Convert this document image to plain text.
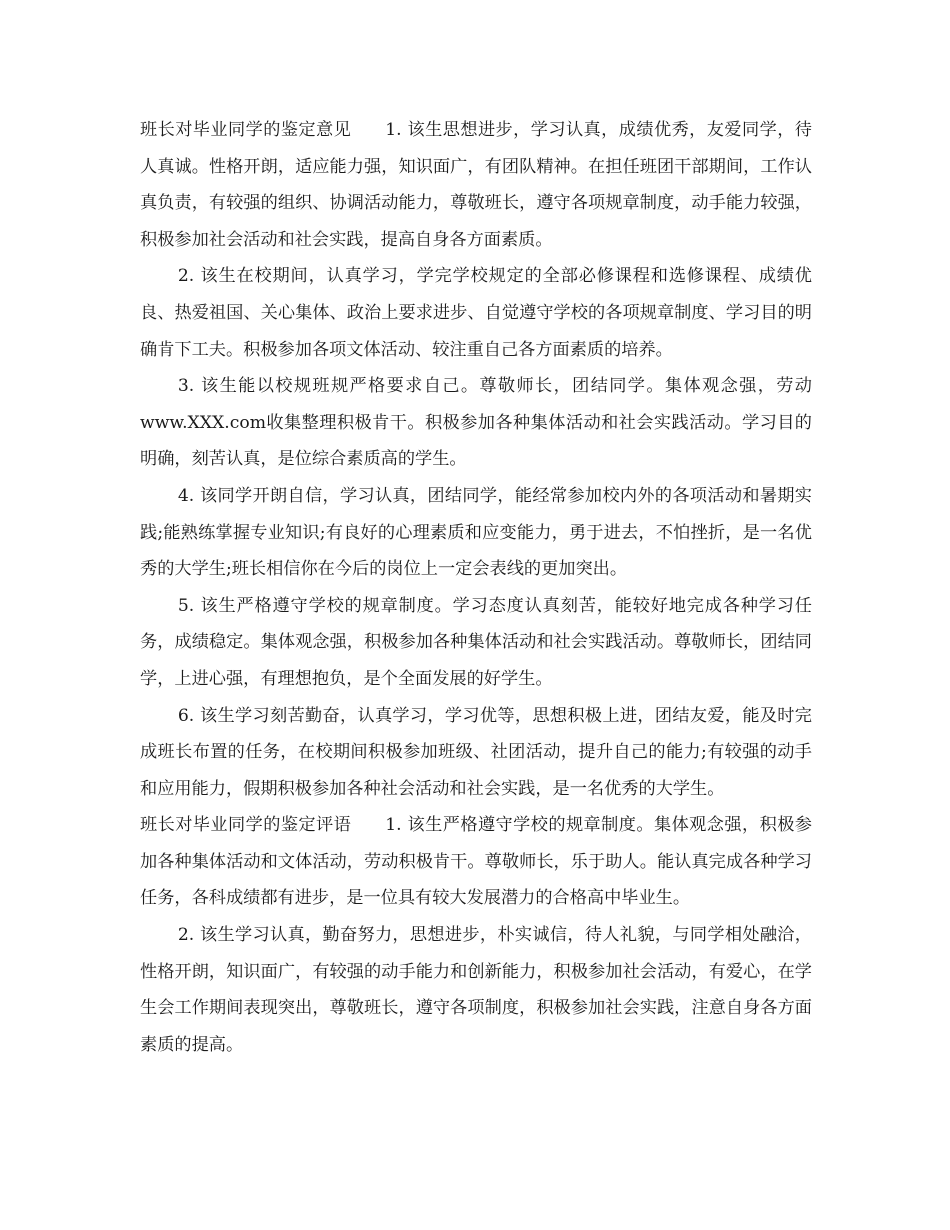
班长对毕业同学的鉴定意见 1. 该生思想进步，学习认真，成绩优秀，友爱同学，待人真诚。性格开朗，适应能力强，知识面广，有团队精神。在担任班团干部期间，工作认真负责，有较强的组织、协调活动能力，尊敬班长，遵守各项规章制度，动手能力较强，积极参加社会活动和社会实践，提高自身各方面素质。

2. 该生在校期间，认真学习，学完学校规定的全部必修课程和选修课程、成绩优良、热爱祖国、关心集体、政治上要求进步、自觉遵守学校的各项规章制度、学习目的明确肯下工夫。积极参加各项文体活动、较注重自己各方面素质的培养。

3. 该生能以校规班规严格要求自己。尊敬师长，团结同学。集体观念强，劳动www.XXX.com收集整理积极肯干。积极参加各种集体活动和社会实践活动。学习目的明确，刻苦认真，是位综合素质高的学生。

4. 该同学开朗自信，学习认真，团结同学，能经常参加校内外的各项活动和暑期实践;能熟练掌握专业知识;有良好的心理素质和应变能力，勇于进去，不怕挫折，是一名优秀的大学生;班长相信你在今后的岗位上一定会表线的更加突出。

5. 该生严格遵守学校的规章制度。学习态度认真刻苦，能较好地完成各种学习任务，成绩稳定。集体观念强，积极参加各种集体活动和社会实践活动。尊敬师长，团结同学，上进心强，有理想抱负，是个全面发展的好学生。

6. 该生学习刻苦勤奋，认真学习，学习优等，思想积极上进，团结友爱，能及时完成班长布置的任务，在校期间积极参加班级、社团活动，提升自己的能力;有较强的动手和应用能力，假期积极参加各种社会活动和社会实践，是一名优秀的大学生。

班长对毕业同学的鉴定评语 1. 该生严格遵守学校的规章制度。集体观念强，积极参加各种集体活动和文体活动，劳动积极肯干。尊敬师长，乐于助人。能认真完成各种学习任务，各科成绩都有进步，是一位具有较大发展潜力的合格高中毕业生。

2. 该生学习认真，勤奋努力，思想进步，朴实诚信，待人礼貌，与同学相处融洽，性格开朗，知识面广，有较强的动手能力和创新能力，积极参加社会活动，有爱心，在学生会工作期间表现突出，尊敬班长，遵守各项制度，积极参加社会实践，注意自身各方面素质的提高。
